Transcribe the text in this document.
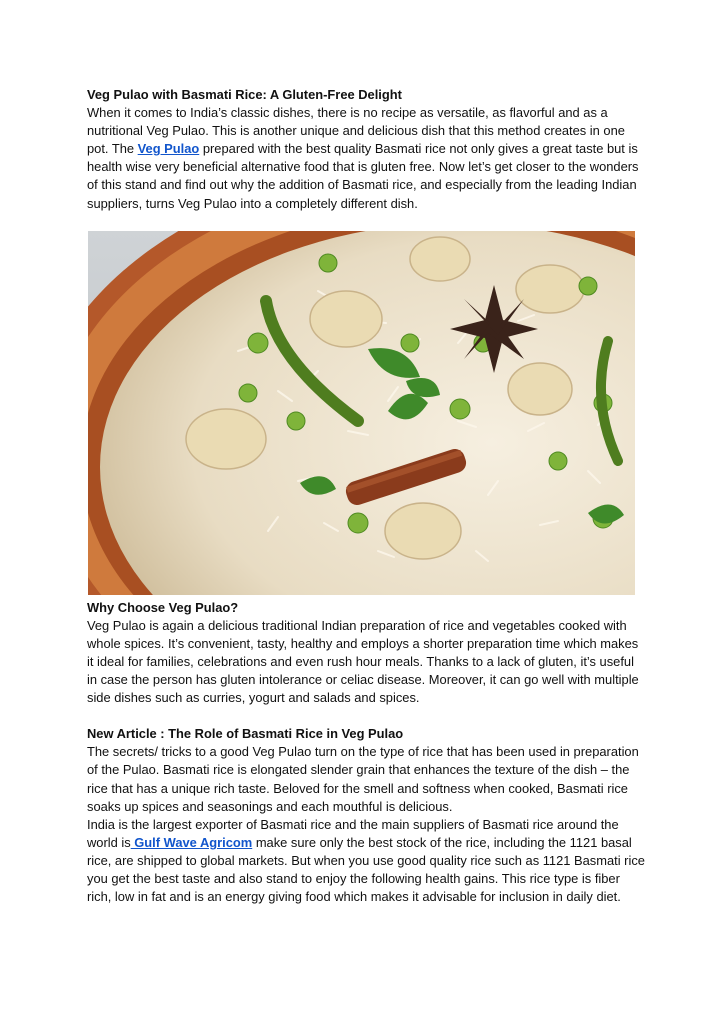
Veg Pulao with Basmati Rice: A Gluten-Free Delight

When it comes to India’s classic dishes, there is no recipe as versatile, as flavorful and as a nutritional Veg Pulao. This is another unique and delicious dish that this method creates in one pot. The Veg Pulao prepared with the best quality Basmati rice not only gives a great taste but is health wise very beneficial alternative food that is gluten free. Now let’s get closer to the wonders of this stand and find out why the addition of Basmati rice, and especially from the leading Indian suppliers, turns Veg Pulao into a completely different dish.

Why Choose Veg Pulao?

Veg Pulao is again a delicious traditional Indian preparation of rice and vegetables cooked with whole spices. It’s convenient, tasty, healthy and employs a shorter preparation time which makes it ideal for families, celebrations and even rush hour meals. Thanks to a lack of gluten, it’s useful in case the person has gluten intolerance or celiac disease. Moreover, it can go well with multiple side dishes such as curries, yogurt and salads and spices.

New Article : The Role of Basmati Rice in Veg Pulao

The secrets/ tricks to a good Veg Pulao turn on the type of rice that has been used in preparation of the Pulao. Basmati rice is elongated slender grain that enhances the texture of the dish – the rice that has a unique rich taste. Beloved for the smell and softness when cooked, Basmati rice soaks up spices and seasonings and each mouthful is delicious.

India is the largest exporter of Basmati rice and the main suppliers of Basmati rice around the world is Gulf Wave Agricom make sure only the best stock of the rice, including the 1121 basal rice, are shipped to global markets. But when you use good quality rice such as 1121 Basmati rice you get the best taste and also stand to enjoy the following health gains. This rice type is fiber rich, low in fat and is an energy giving food which makes it advisable for inclusion in daily diet.
